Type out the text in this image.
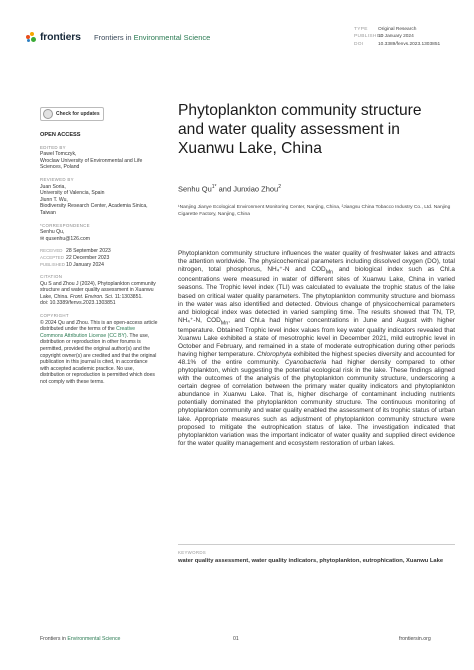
frontiers Frontiers in Environmental Science
TYPE Original Research
PUBLISHED10 January 2024
DOI	10.3389/fenvs.2023.1303851
Check for updates
OPEN ACCESS
EDITED BY
Pawel Tomczyk,
Wroclaw University of Environmental and Life Sciences, Poland
REVIEWED BY
Juan Soria,
University of Valencia, Spain
Jiunn T. Wu,
Biodiversity Research Center, Academia Sinica, Taiwan
*CORRESPONDENCE
Senhu Qu,
✉ qusenhu@126.com
RECEIVED 28 September 2023
ACCEPTED 22 December 2023
PUBLISHED10 January 2024
CITATION
Qu S and Zhou J (2024), Phytoplankton community structure and water quality assessment in Xuanwu Lake, China. Front. Environ. Sci. 11:1303851.
doi: 10.3389/fenvs.2023.1303851
COPYRIGHT
© 2024 Qu and Zhou. This is an open-access article distributed under the terms of the Creative Commons Attribution License (CC BY). The use, distribution or reproduction in other forums is permitted, provided the original author(s) and the copyright owner(s) are credited and that the original publication in this journal is cited, in accordance with accepted academic practice. No use, distribution or reproduction is permitted which does not comply with these terms.
Phytoplankton community structure and water quality assessment in Xuanwu Lake, China
Senhu $Qu^{1*}$ and Junxiao Zhou$^2$
¹Nanjing Jianye Ecological Environment Monitoring Center, Nanjing, China, ²Jiangsu China Tobacco Industry Co., Ltd. Nanjing Cigarette Factory, Nanjing, China
Phytoplankton community structure influences the water quality of freshwater lakes and attracts the attention worldwide. The physicochemical parameters including dissolved oxygen (DO), total nitrogen, total phosphorus, NH₄⁺-N and $COD_{Mn}$ and biological index such as Chl.a concentrations were measured in water of different sites of Xuanwu Lake, China in varied seasons. The Trophic level index (TLI) was calculated to evaluate the trophic status of the lake based on critical water quality parameters. The phytoplankton community structure and biomass in the water was also identified and detected. Obvious change of physicochemical parameters and biological index was detected in varied sampling time. The results showed that TN, TP, NH₄⁺-N, $COD_{Mn}$, and Chl.a had higher concentrations in June and August with higher temperature. Obtained Trophic level index values from key water quality indicators revealed that Xuanwu Lake exhibited a state of mesotrophic level in December 2021, mild eutrophic level in October and February, and remained in a state of moderate eutrophication during other periods having higher temperature. Chlorophyta exhibited the highest species diversity and accounted for 48.1% of the entire community. Cyanobacteria had higher density compared to other phytoplankton, which suggesting the potential ecological risk in the lake. These findings aligned with the outcomes of the analysis of the phytoplankton community structure, underscoring a certain degree of correlation between the primary water quality indicators and phytoplankton abundance in Xuanwu Lake. That is, higher discharge of contaminant including nutrients potentially dominated the phytoplankton community structure. The continuous monitoring of phytoplankton community and water quality enabled the assessment of its trophic status of urban lake. Appropriate measures such as adjustment of phytoplankton community structure were proposed to mitigate the eutrophication status of lake. The investigation indicated that phytoplankton variation was the important indicator of water quality and supplied direct evidence for the water quality management and ecosystem restoration of urban lakes.
KEYWORDS
water quality assessment, water quality indicators, phytoplankton, eutrophication, Xuanwu Lake
Frontiers in Environmental Science	01	frontiersin.org
